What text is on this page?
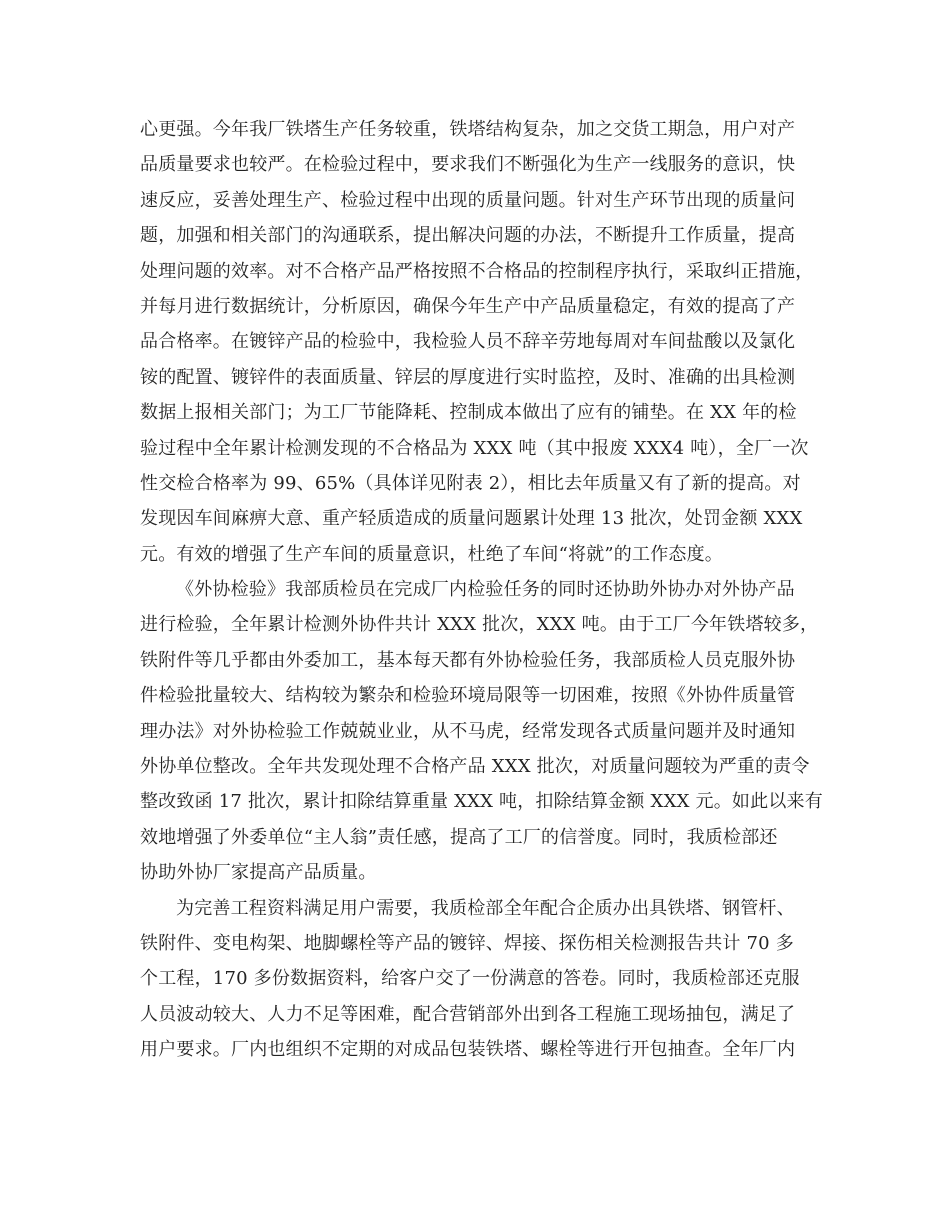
心更强。今年我厂铁塔生产任务较重，铁塔结构复杂，加之交货工期急，用户对产
品质量要求也较严。在检验过程中，要求我们不断强化为生产一线服务的意识，快
速反应，妥善处理生产、检验过程中出现的质量问题。针对生产环节出现的质量问
题，加强和相关部门的沟通联系，提出解决问题的办法，不断提升工作质量，提高
处理问题的效率。对不合格产品严格按照不合格品的控制程序执行，采取纠正措施，
并每月进行数据统计，分析原因，确保今年生产中产品质量稳定，有效的提高了产
品合格率。在镀锌产品的检验中，我检验人员不辞辛劳地每周对车间盐酸以及氯化
铵的配置、镀锌件的表面质量、锌层的厚度进行实时监控，及时、准确的出具检测
数据上报相关部门；为工厂节能降耗、控制成本做出了应有的铺垫。在 XX 年的检
验过程中全年累计检测发现的不合格品为 XXX 吨（其中报废 XXX4 吨），全厂一次
性交检合格率为 99、65%（具体详见附表 2），相比去年质量又有了新的提高。对
发现因车间麻痹大意、重产轻质造成的质量问题累计处理 13 批次，处罚金额 XXX
元。有效的增强了生产车间的质量意识，杜绝了车间“将就”的工作态度。
《外协检验》我部质检员在完成厂内检验任务的同时还协助外协办对外协产品
进行检验，全年累计检测外协件共计 XXX 批次，XXX 吨。由于工厂今年铁塔较多，
铁附件等几乎都由外委加工，基本每天都有外协检验任务，我部质检人员克服外协
件检验批量较大、结构较为繁杂和检验环境局限等一切困难，按照《外协件质量管
理办法》对外协检验工作兢兢业业，从不马虎，经常发现各式质量问题并及时通知
外协单位整改。全年共发现处理不合格产品 XXX 批次，对质量问题较为严重的责令
整改致函 17 批次，累计扣除结算重量 XXX 吨，扣除结算金额 XXX 元。如此以来有
效地增强了外委单位“主人翁”责任感，提高了工厂的信誉度。同时，我质检部还
协助外协厂家提高产品质量。
为完善工程资料满足用户需要，我质检部全年配合企质办出具铁塔、钢管杆、
铁附件、变电构架、地脚螺栓等产品的镀锌、焊接、探伤相关检测报告共计 70 多
个工程，170 多份数据资料，给客户交了一份满意的答卷。同时，我质检部还克服
人员波动较大、人力不足等困难，配合营销部外出到各工程施工现场抽包，满足了
用户要求。厂内也组织不定期的对成品包装铁塔、螺栓等进行开包抽查。全年厂内
